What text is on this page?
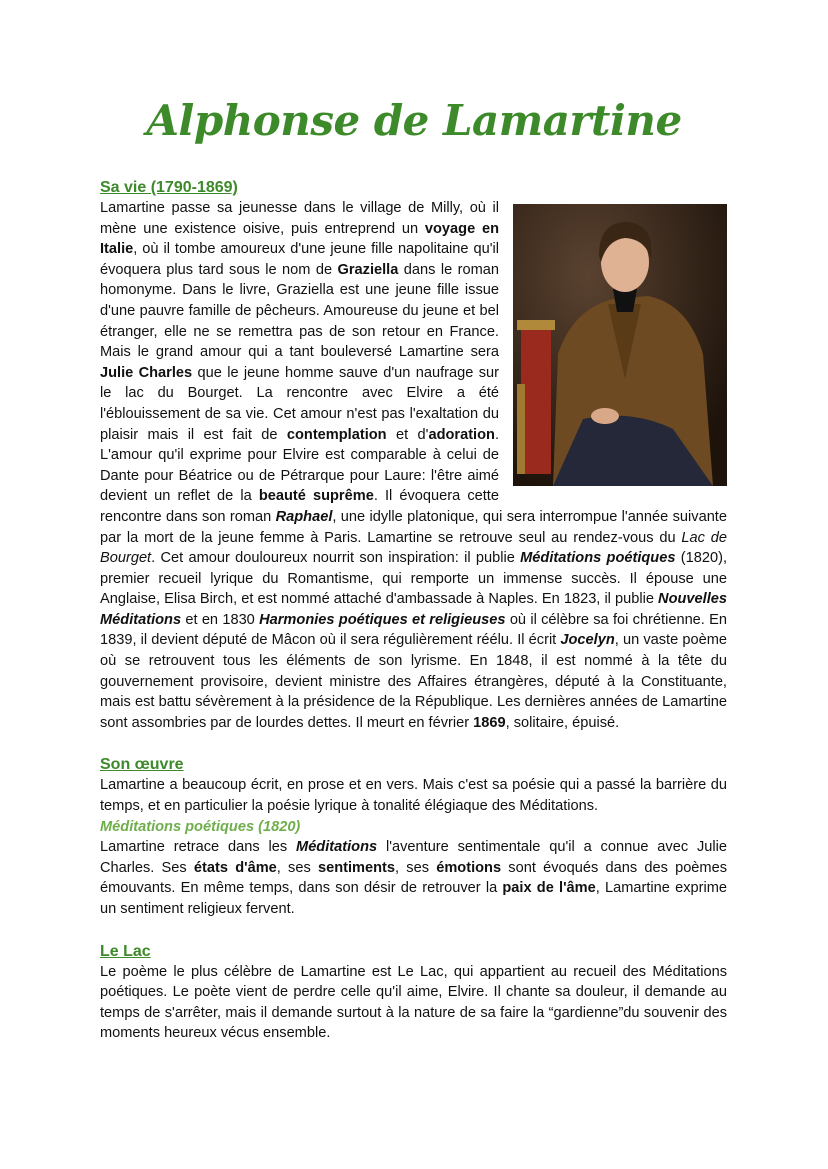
Alphonse de Lamartine
Sa vie (1790-1869)

Lamartine passe sa jeunesse dans le village de Milly, où il mène une existence oisive, puis entreprend un voyage en Italie, où il tombe amoureux d'une jeune fille napolitaine qu'il évoquera plus tard sous le nom de Graziella dans le roman homonyme. Dans le livre, Graziella est une jeune fille issue d'une pauvre famille de pêcheurs. Amoureuse du jeune et bel étranger, elle ne se remettra pas de son retour en France. Mais le grand amour qui a tant bouleversé Lamartine sera Julie Charles que le jeune homme sauve d'un naufrage sur le lac du Bourget. La rencontre avec Elvire a été l'éblouissement de sa vie. Cet amour n'est pas l'exaltation du plaisir mais il est fait de contemplation et d'adoration. L'amour qu'il exprime pour Elvire est comparable à celui de Dante pour Béatrice ou de Pétrarque pour Laure: l'être aimé devient un reflet de la beauté suprême. Il évoquera cette rencontre dans son roman Raphael, une idylle platonique, qui sera interrompue l'année suivante par la mort de la jeune femme à Paris. Lamartine se retrouve seul au rendez-vous du Lac de Bourget. Cet amour douloureux nourrit son inspiration: il publie Méditations poétiques (1820), premier recueil lyrique du Romantisme, qui remporte un immense succès. Il épouse une Anglaise, Elisa Birch, et est nommé attaché d'ambassade à Naples. En 1823, il publie Nouvelles Méditations et en 1830 Harmonies poétiques et religieuses où il célèbre sa foi chrétienne. En 1839, il devient député de Mâcon où il sera régulièrement réélu. Il écrit Jocelyn, un vaste poème où se retrouvent tous les éléments de son lyrisme. En 1848, il est nommé à la tête du gouvernement provisoire, devient ministre des Affaires étrangères, député à la Constituante, mais est battu sévèrement à la présidence de la République. Les dernières années de Lamartine sont assombries par de lourdes dettes. Il meurt en février 1869, solitaire, épuisé.

Son œuvre

Lamartine a beaucoup écrit, en prose et en vers. Mais c'est sa poésie qui a passé la barrière du temps, et en particulier la poésie lyrique à tonalité élégiaque des Méditations.

Méditations poétiques (1820)

Lamartine retrace dans les Méditations l'aventure sentimentale qu'il a connue avec Julie Charles. Ses états d'âme, ses sentiments, ses émotions sont évoqués dans des poèmes émouvants. En même temps, dans son désir de retrouver la paix de l'âme, Lamartine exprime un sentiment religieux fervent.

Le Lac

Le poème le plus célèbre de Lamartine est Le Lac, qui appartient au recueil des Méditations poétiques. Le poète vient de perdre celle qu'il aime, Elvire. Il chante sa douleur, il demande au temps de s'arrêter, mais il demande surtout à la nature de sa faire la “gardienne”du souvenir des moments heureux vécus ensemble.
